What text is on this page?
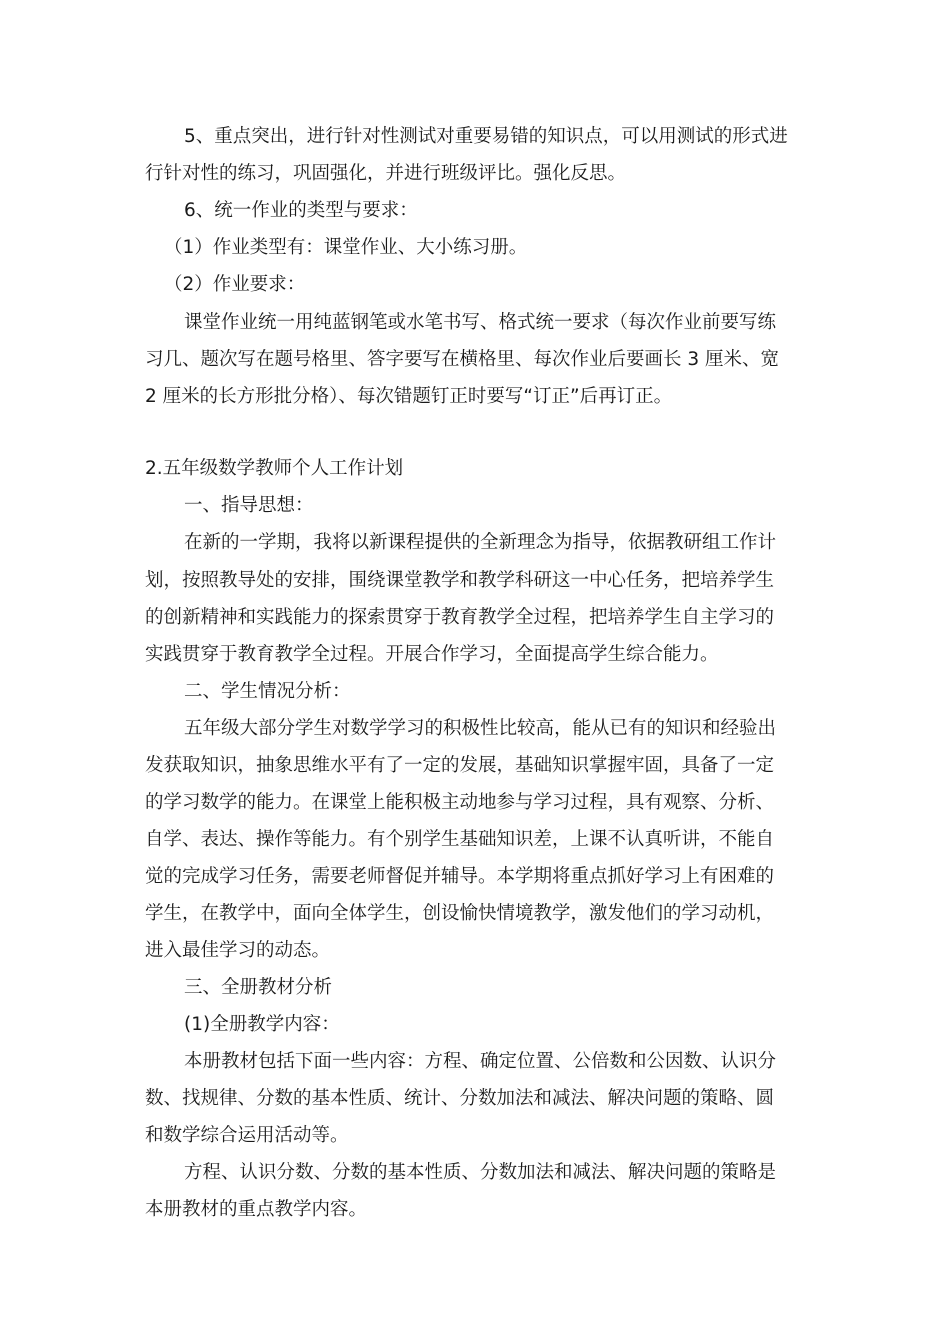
5、重点突出，进行针对性测试对重要易错的知识点，可以用测试的形式进
行针对性的练习，巩固强化，并进行班级评比。强化反思。
6、统一作业的类型与要求：
（1）作业类型有：课堂作业、大小练习册。
（2）作业要求：
课堂作业统一用纯蓝钢笔或水笔书写、格式统一要求（每次作业前要写练
习几、题次写在题号格里、答字要写在横格里、每次作业后要画长 3 厘米、宽
2 厘米的长方形批分格）、每次错题钉正时要写“订正”后再订正。
2.五年级数学教师个人工作计划
一、指导思想：
在新的一学期，我将以新课程提供的全新理念为指导，依据教研组工作计
划，按照教导处的安排，围绕课堂教学和教学科研这一中心任务，把培养学生
的创新精神和实践能力的探索贯穿于教育教学全过程，把培养学生自主学习的
实践贯穿于教育教学全过程。开展合作学习，全面提高学生综合能力。
二、学生情况分析：
五年级大部分学生对数学学习的积极性比较高，能从已有的知识和经验出
发获取知识，抽象思维水平有了一定的发展，基础知识掌握牢固，具备了一定
的学习数学的能力。在课堂上能积极主动地参与学习过程，具有观察、分析、
自学、表达、操作等能力。有个别学生基础知识差，上课不认真听讲，不能自
觉的完成学习任务，需要老师督促并辅导。本学期将重点抓好学习上有困难的
学生，在教学中，面向全体学生，创设愉快情境教学，激发他们的学习动机，
进入最佳学习的动态。
三、全册教材分析
(1)全册教学内容：
本册教材包括下面一些内容：方程、确定位置、公倍数和公因数、认识分
数、找规律、分数的基本性质、统计、分数加法和减法、解决问题的策略、圆
和数学综合运用活动等。
方程、认识分数、分数的基本性质、分数加法和减法、解决问题的策略是
本册教材的重点教学内容。
